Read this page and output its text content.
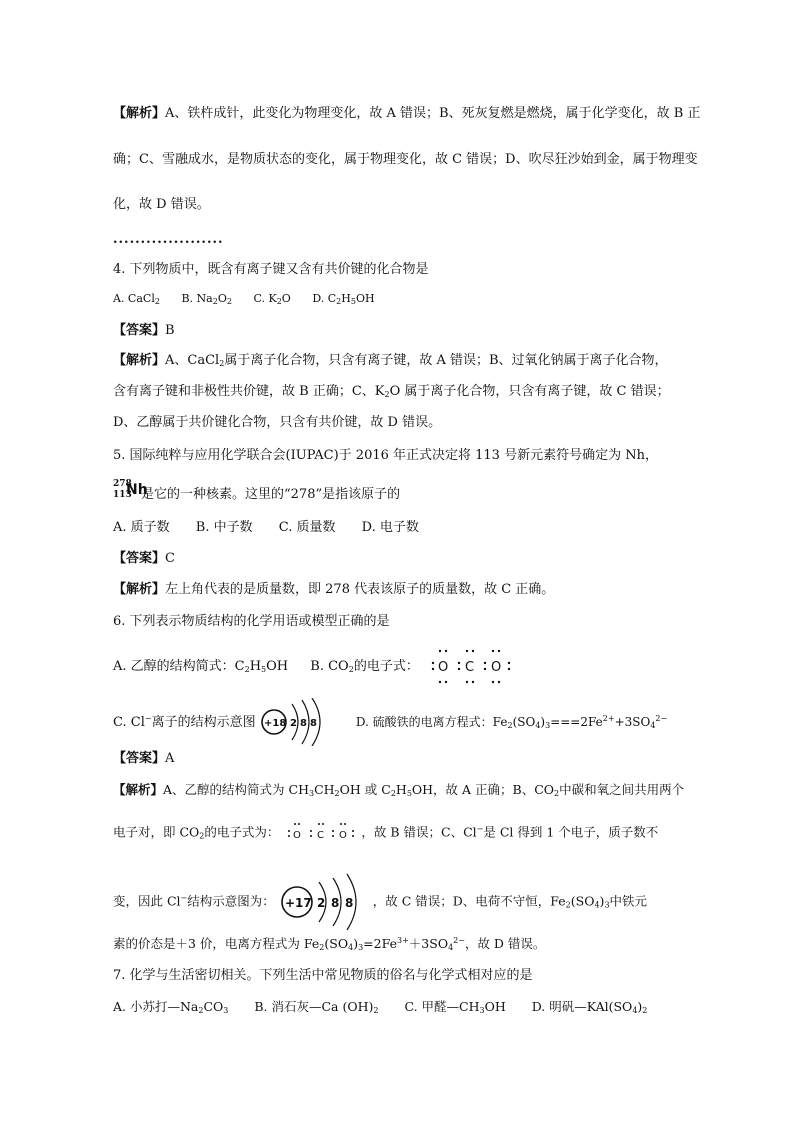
【解析】A、铁杵成针，此变化为物理变化，故 A 错误；B、死灰复燃是燃烧，属于化学变化，故 B 正
确；C、雪融成水，是物质状态的变化，属于物理变化，故 C 错误；D、吹尽狂沙始到金，属于物理变
化，故 D 错误。
....................
4. 下列物质中，既含有离子键又含有共价键的化合物是
A. CaCl$_2$ B. $Na_2O_2$ C. $K_2O$ D. $C_2H_5OH$
【答案】B
【解析】A、CaCl$_2$属于离子化合物，只含有离子键，故 A 错误；B、过氧化钠属于离子化合物，
含有离子键和非极性共价键，故 B 正确；C、$K_2O$ 属于离子化合物，只含有离子键，故 C 错误；
D、乙醇属于共价键化合物，只含有共价键，故 D 错误。
5. 国际纯粹与应用化学联合会(IUPAC)于 2016 年正式决定将 113 号新元素符号确定为 Nh，
278
113
Nh
是它的一种核素。这里的“278”是指该原子的
A. 质子数 B. 中子数 C. 质量数 D. 电子数
【答案】C
【解析】左上角代表的是质量数，即 278 代表该原子的质量数，故 C 正确。
6. 下列表示物质结构的化学用语或模型正确的是
A. 乙醇的结构简式：$C_2H_5OH$ B. $CO_2$的电子式： O C O
C. Cl−离子的结构示意图 +18 2 8 8	D. 硫酸铁的电离方程式：$Fe_2(SO_4)_3===2Fe^{2+}+3SO_4^{2-}$
【答案】A
【解析】A、乙醇的结构简式为 $CH_3CH_2OH$ 或 $C_2H_5OH$，故 A 正确；B、$CO_2$中碳和氧之间共用两个
电子对，即 $CO_2$的电子式为： O C O ，故 B 错误；C、Cl−是 Cl 得到 1 个电子，质子数不
变，因此 Cl−结构示意图为： +17 2 8 8 ，故 C 错误；D、电荷不守恒，$Fe_2(SO_4)_3$中铁元
素的价态是＋3 价，电离方程式为 $Fe_2(SO_4)_3=2Fe^{3+}+3SO_4^{2-}$，故 D 错误。
7. 化学与生活密切相关。下列生活中常见物质的俗名与化学式相对应的是
A. 小苏打$—Na_2CO_3$ B. 消石灰—Ca $(OH)_2$ C. 甲醛$—CH_3OH$ D. 明矾$—KAl(SO_4)_2$
